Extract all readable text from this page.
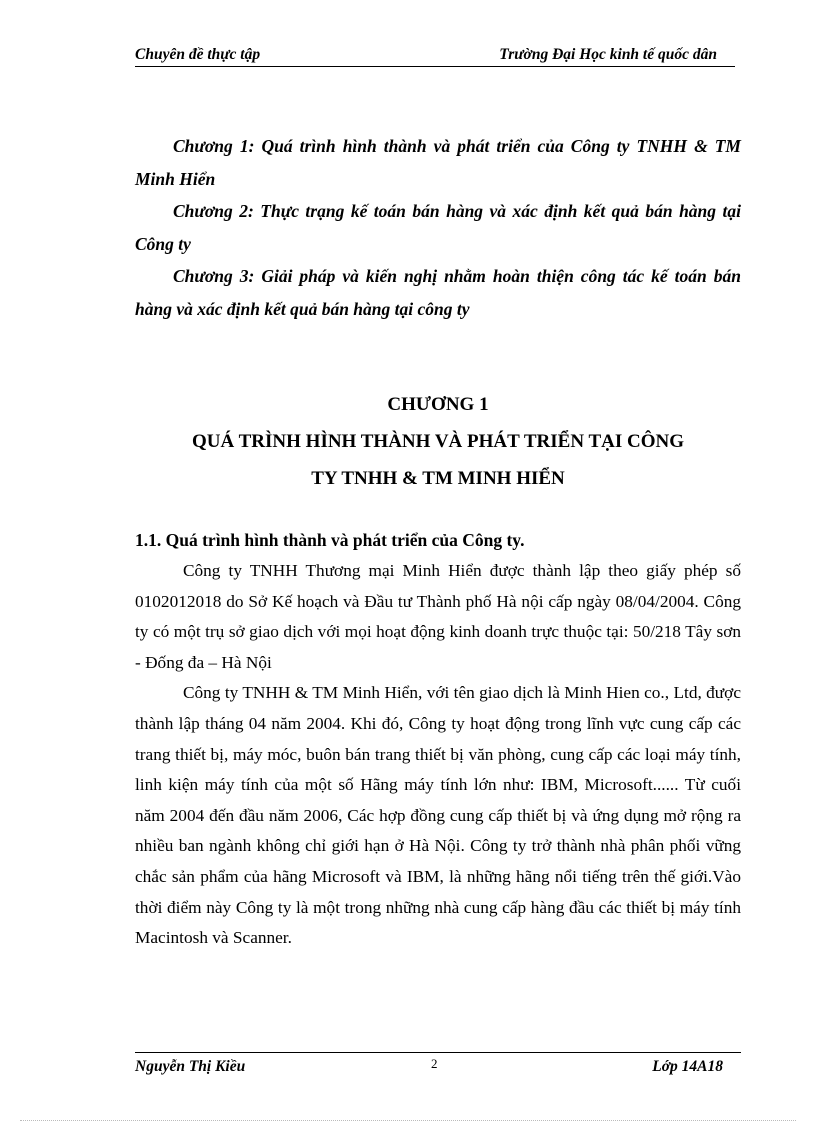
Chuyên đề thực tập	Trường Đại Học kinh tế quốc dân

Chương 1: Quá trình hình thành và phát triển của Công ty TNHH & TM Minh Hiển

Chương 2: Thực trạng kế toán bán hàng và xác định kết quả bán hàng tại Công ty

Chương 3: Giải pháp và kiến nghị nhằm hoàn thiện công tác kế toán bán hàng và xác định kết quả bán hàng tại công ty

CHƯƠNG 1
QUÁ TRÌNH HÌNH THÀNH VÀ PHÁT TRIỂN TẠI CÔNG
TY TNHH & TM MINH HIỂN
1.1. Quá trình hình thành và phát triển của Công ty.

Công ty TNHH Thương mại Minh Hiển được thành lập theo giấy phép số 0102012018 do Sở Kế hoạch và Đầu tư Thành phố Hà nội cấp ngày 08/04/2004. Công ty có một trụ sở giao dịch với mọi hoạt động kinh doanh trực thuộc tại: 50/218 Tây sơn - Đống đa – Hà Nội

Công ty TNHH & TM Minh Hiển, với tên giao dịch là Minh Hien co., Ltd, được thành lập tháng 04 năm 2004. Khi đó, Công ty hoạt động trong lĩnh vực cung cấp các trang thiết bị, máy móc, buôn bán trang thiết bị văn phòng, cung cấp các loại máy tính, linh kiện máy tính của một số Hãng máy tính lớn như: IBM, Microsoft...... Từ cuối năm 2004 đến đầu năm 2006, Các hợp đồng cung cấp thiết bị và ứng dụng mở rộng ra nhiều ban ngành không chỉ giới hạn ở Hà Nội. Công ty trở thành nhà phân phối vững chắc sản phẩm của hãng Microsoft và IBM, là những hãng nổi tiếng trên thế giới.Vào thời điểm này Công ty là một trong những nhà cung cấp hàng đầu các thiết bị máy tính Macintosh và Scanner.

Nguyễn Thị Kiều	2	Lớp 14A18
